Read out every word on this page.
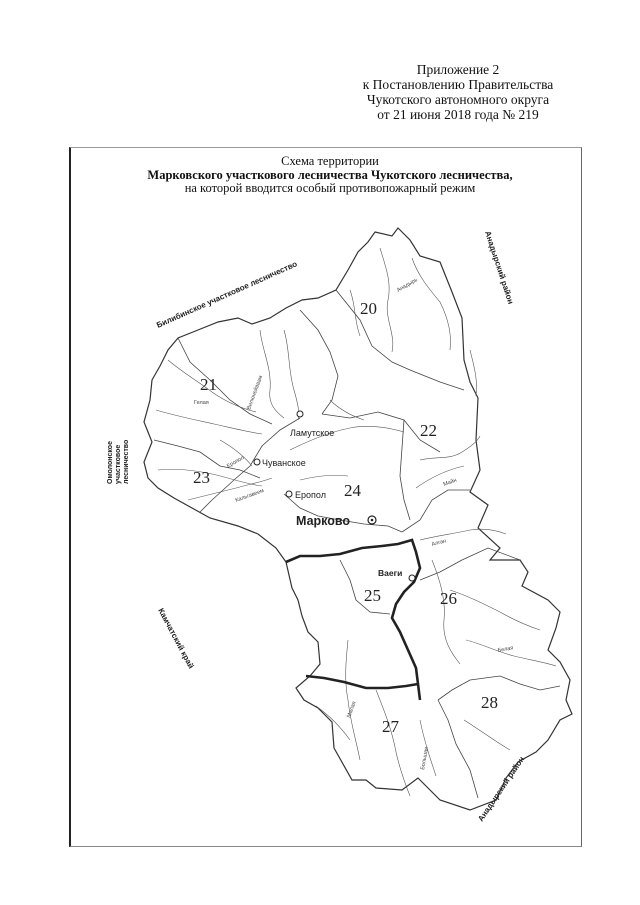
Приложение 2
к Постановлению Правительства
Чукотского автономного округа
от 21 июня 2018 года № 219
Схема территории
Марковского участкового лесничества Чукотского лесничества,
на которой вводится особый противопожарный режим
20
21
22
23
24
25	26
27
28
Ламутское
Чуванское
Еропол
Марково
Ваеги
Билибинское участковое лесничество	Анадырский район
Анадырский район
Камчатский край
Омолонское участковое лесничество
Анадырь
Гелая
Еропол
Майн
Алган
Белая
Большая
Вилюнейваам
Кальгавеем
Малая
